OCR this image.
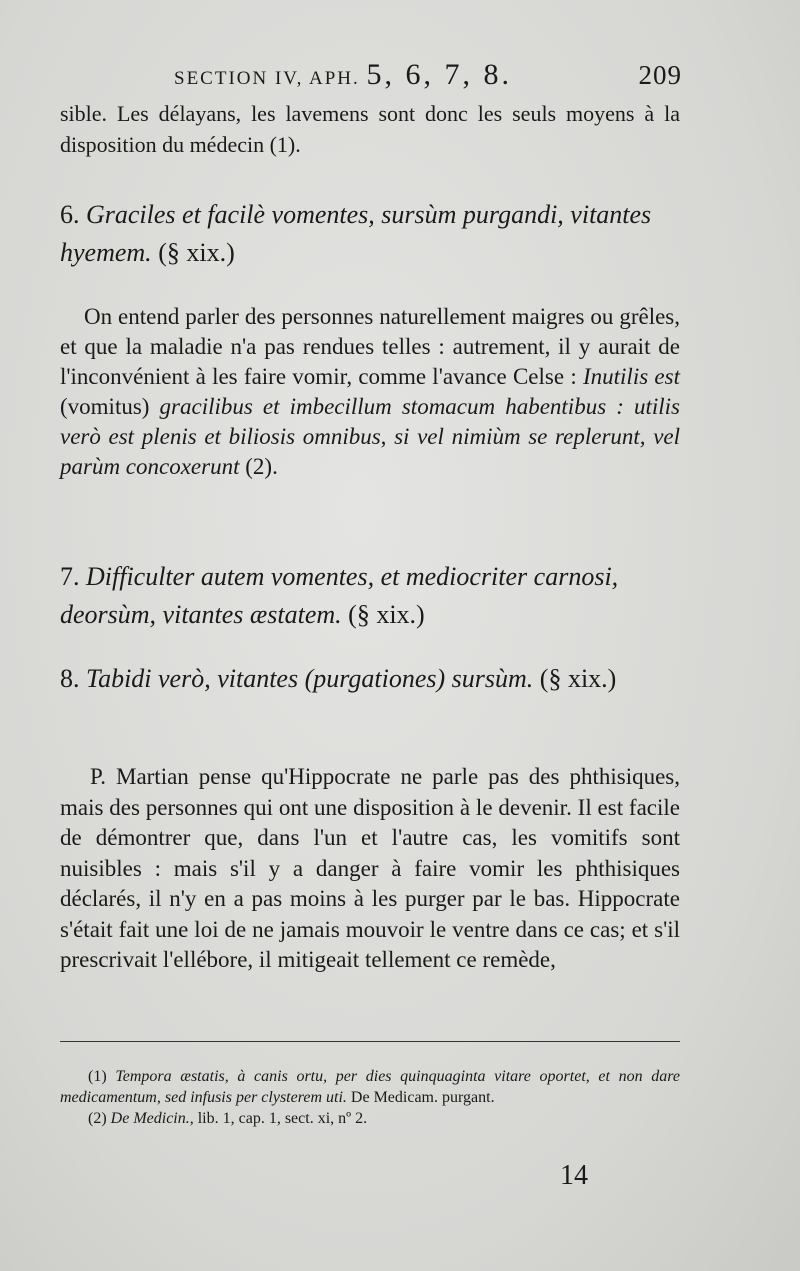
SECTION IV, APH. 5, 6, 7, 8.	209
sible. Les délayans, les lavemens sont donc les seuls moyens à la disposition du médecin (1).
6. Graciles et facilè vomentes, sursùm purgandi, vitantes hyemem. (§ xix.)
On entend parler des personnes naturellement maigres ou grêles, et que la maladie n'a pas rendues telles : autrement, il y aurait de l'inconvénient à les faire vomir, comme l'avance Celse : Inutilis est (vomitus) gracilibus et imbecillum stomacum habentibus : utilis verò est plenis et biliosis omnibus, si vel nimiùm se replerunt, vel parùm concoxerunt (2).
7. Difficulter autem vomentes, et mediocriter carnosi, deorsùm, vitantes æstatem. (§ xix.)
8. Tabidi verò, vitantes (purgationes) sursùm. (§ xix.)
P. Martian pense qu'Hippocrate ne parle pas des phthisiques, mais des personnes qui ont une disposition à le devenir. Il est facile de démontrer que, dans l'un et l'autre cas, les vomitifs sont nuisibles : mais s'il y a danger à faire vomir les phthisiques déclarés, il n'y en a pas moins à les purger par le bas. Hippocrate s'était fait une loi de ne jamais mouvoir le ventre dans ce cas; et s'il prescrivait l'ellébore, il mitigeait tellement ce remède,

(1) Tempora æstatis, à canis ortu, per dies quinquaginta vitare oportet, et non dare medicamentum, sed infusis per clysterem uti. De Medicam. purgant.

(2) De Medicin., lib. 1, cap. 1, sect. xi, nº 2.

14
